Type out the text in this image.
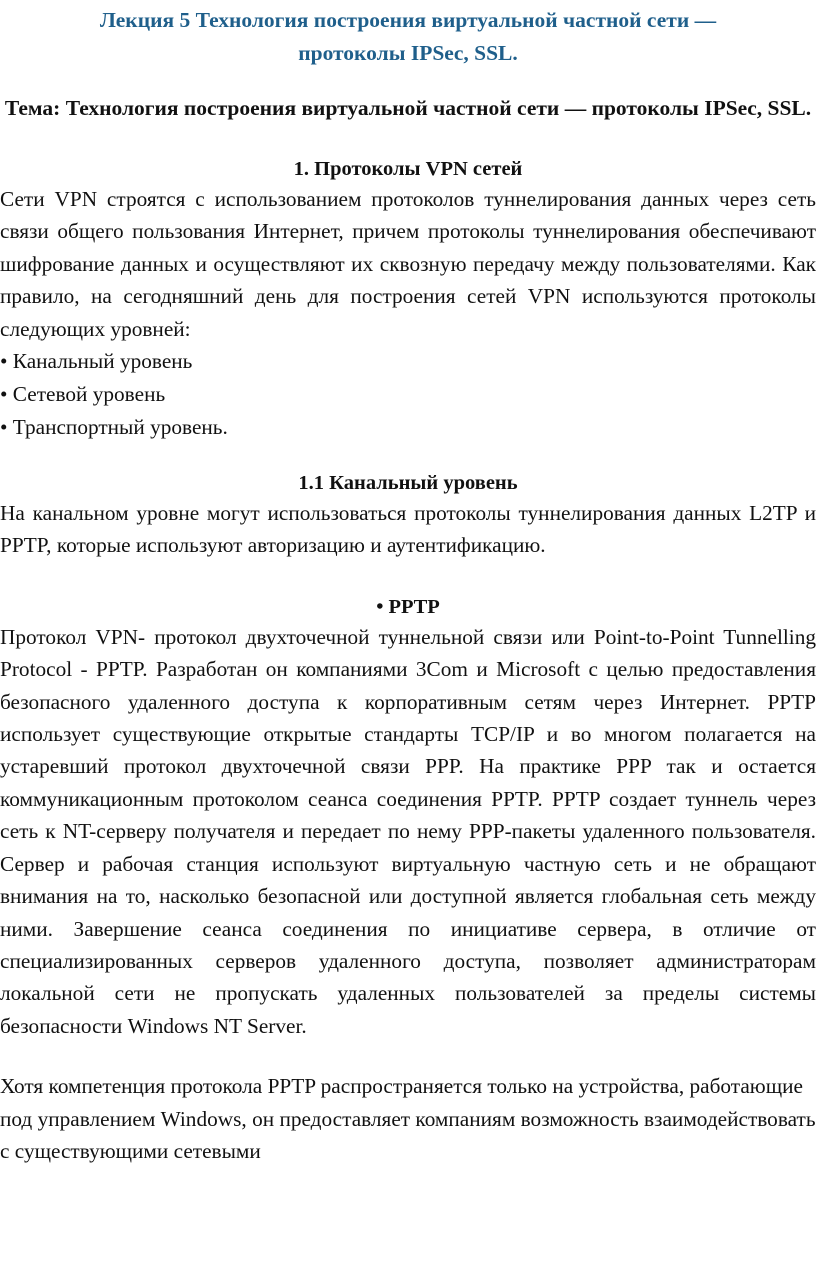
Лекция 5 Технология построения виртуальной частной сети — протоколы IPSec, SSL.
Тема: Технология построения виртуальной частной сети — протоколы IPSec, SSL.
1. Протоколы VPN сетей

Сети VPN строятся с использованием протоколов туннелирования данных через сеть связи общего пользования Интернет, причем протоколы туннелирования обеспечивают шифрование данных и осуществляют их сквозную передачу между пользователями. Как правило, на сегодняшний день для построения сетей VPN используются протоколы следующих уровней:

• Канальный уровень
• Сетевой уровень
• Транспортный уровень.
1.1 Канальный уровень

На канальном уровне могут использоваться протоколы туннелирования данных L2TP и PPTP, которые используют авторизацию и аутентификацию.

• PPTP

Протокол VPN- протокол двухточечной туннельной связи или Point-to-Point Tunnelling Protocol - PPTP. Разработан он компаниями 3Com и Microsoft с целью предоставления безопасного удаленного доступа к корпоративным сетям через Интернет. PPTP использует существующие открытые стандарты TCP/IP и во многом полагается на устаревший протокол двухточечной связи PPP. На практике PPP так и остается коммуникационным протоколом сеанса соединения PPTP. PPTP создает туннель через сеть к NT-серверу получателя и передает по нему PPP-пакеты удаленного пользователя. Сервер и рабочая станция используют виртуальную частную сеть и не обращают внимания на то, насколько безопасной или доступной является глобальная сеть между ними. Завершение сеанса соединения по инициативе сервера, в отличие от специализированных серверов удаленного доступа, позволяет администраторам локальной сети не пропускать удаленных пользователей за пределы системы безопасности Windows NT Server.

Хотя компетенция протокола PPTP распространяется только на устройства, работающие под управлением Windows, он предоставляет компаниям возможность взаимодействовать с существующими сетевыми
